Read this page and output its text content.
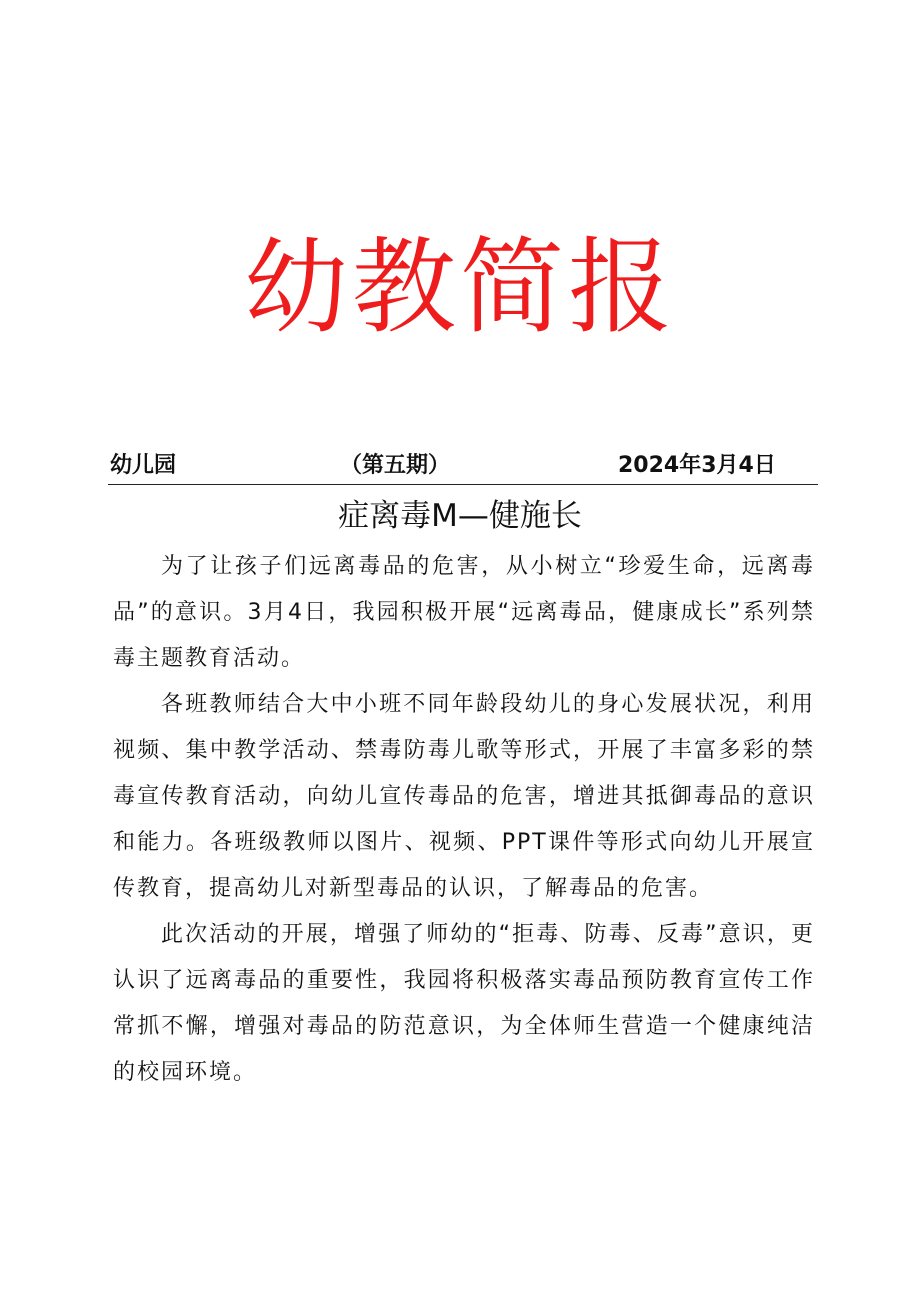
幼教简报
幼儿园	（第五期）	2024年3月4日
症离毒M—健施长

为了让孩子们远离毒品的危害，从小树立“珍爱生命，远离毒品”的意识。3月4日，我园积极开展“远离毒品，健康成长”系列禁毒主题教育活动。

各班教师结合大中小班不同年龄段幼儿的身心发展状况，利用视频、集中教学活动、禁毒防毒儿歌等形式，开展了丰富多彩的禁毒宣传教育活动，向幼儿宣传毒品的危害，增进其抵御毒品的意识和能力。各班级教师以图片、视频、PPT课件等形式向幼儿开展宣传教育，提高幼儿对新型毒品的认识，了解毒品的危害。

此次活动的开展，增强了师幼的“拒毒、防毒、反毒”意识，更认识了远离毒品的重要性，我园将积极落实毒品预防教育宣传工作常抓不懈，增强对毒品的防范意识，为全体师生营造一个健康纯洁的校园环境。
